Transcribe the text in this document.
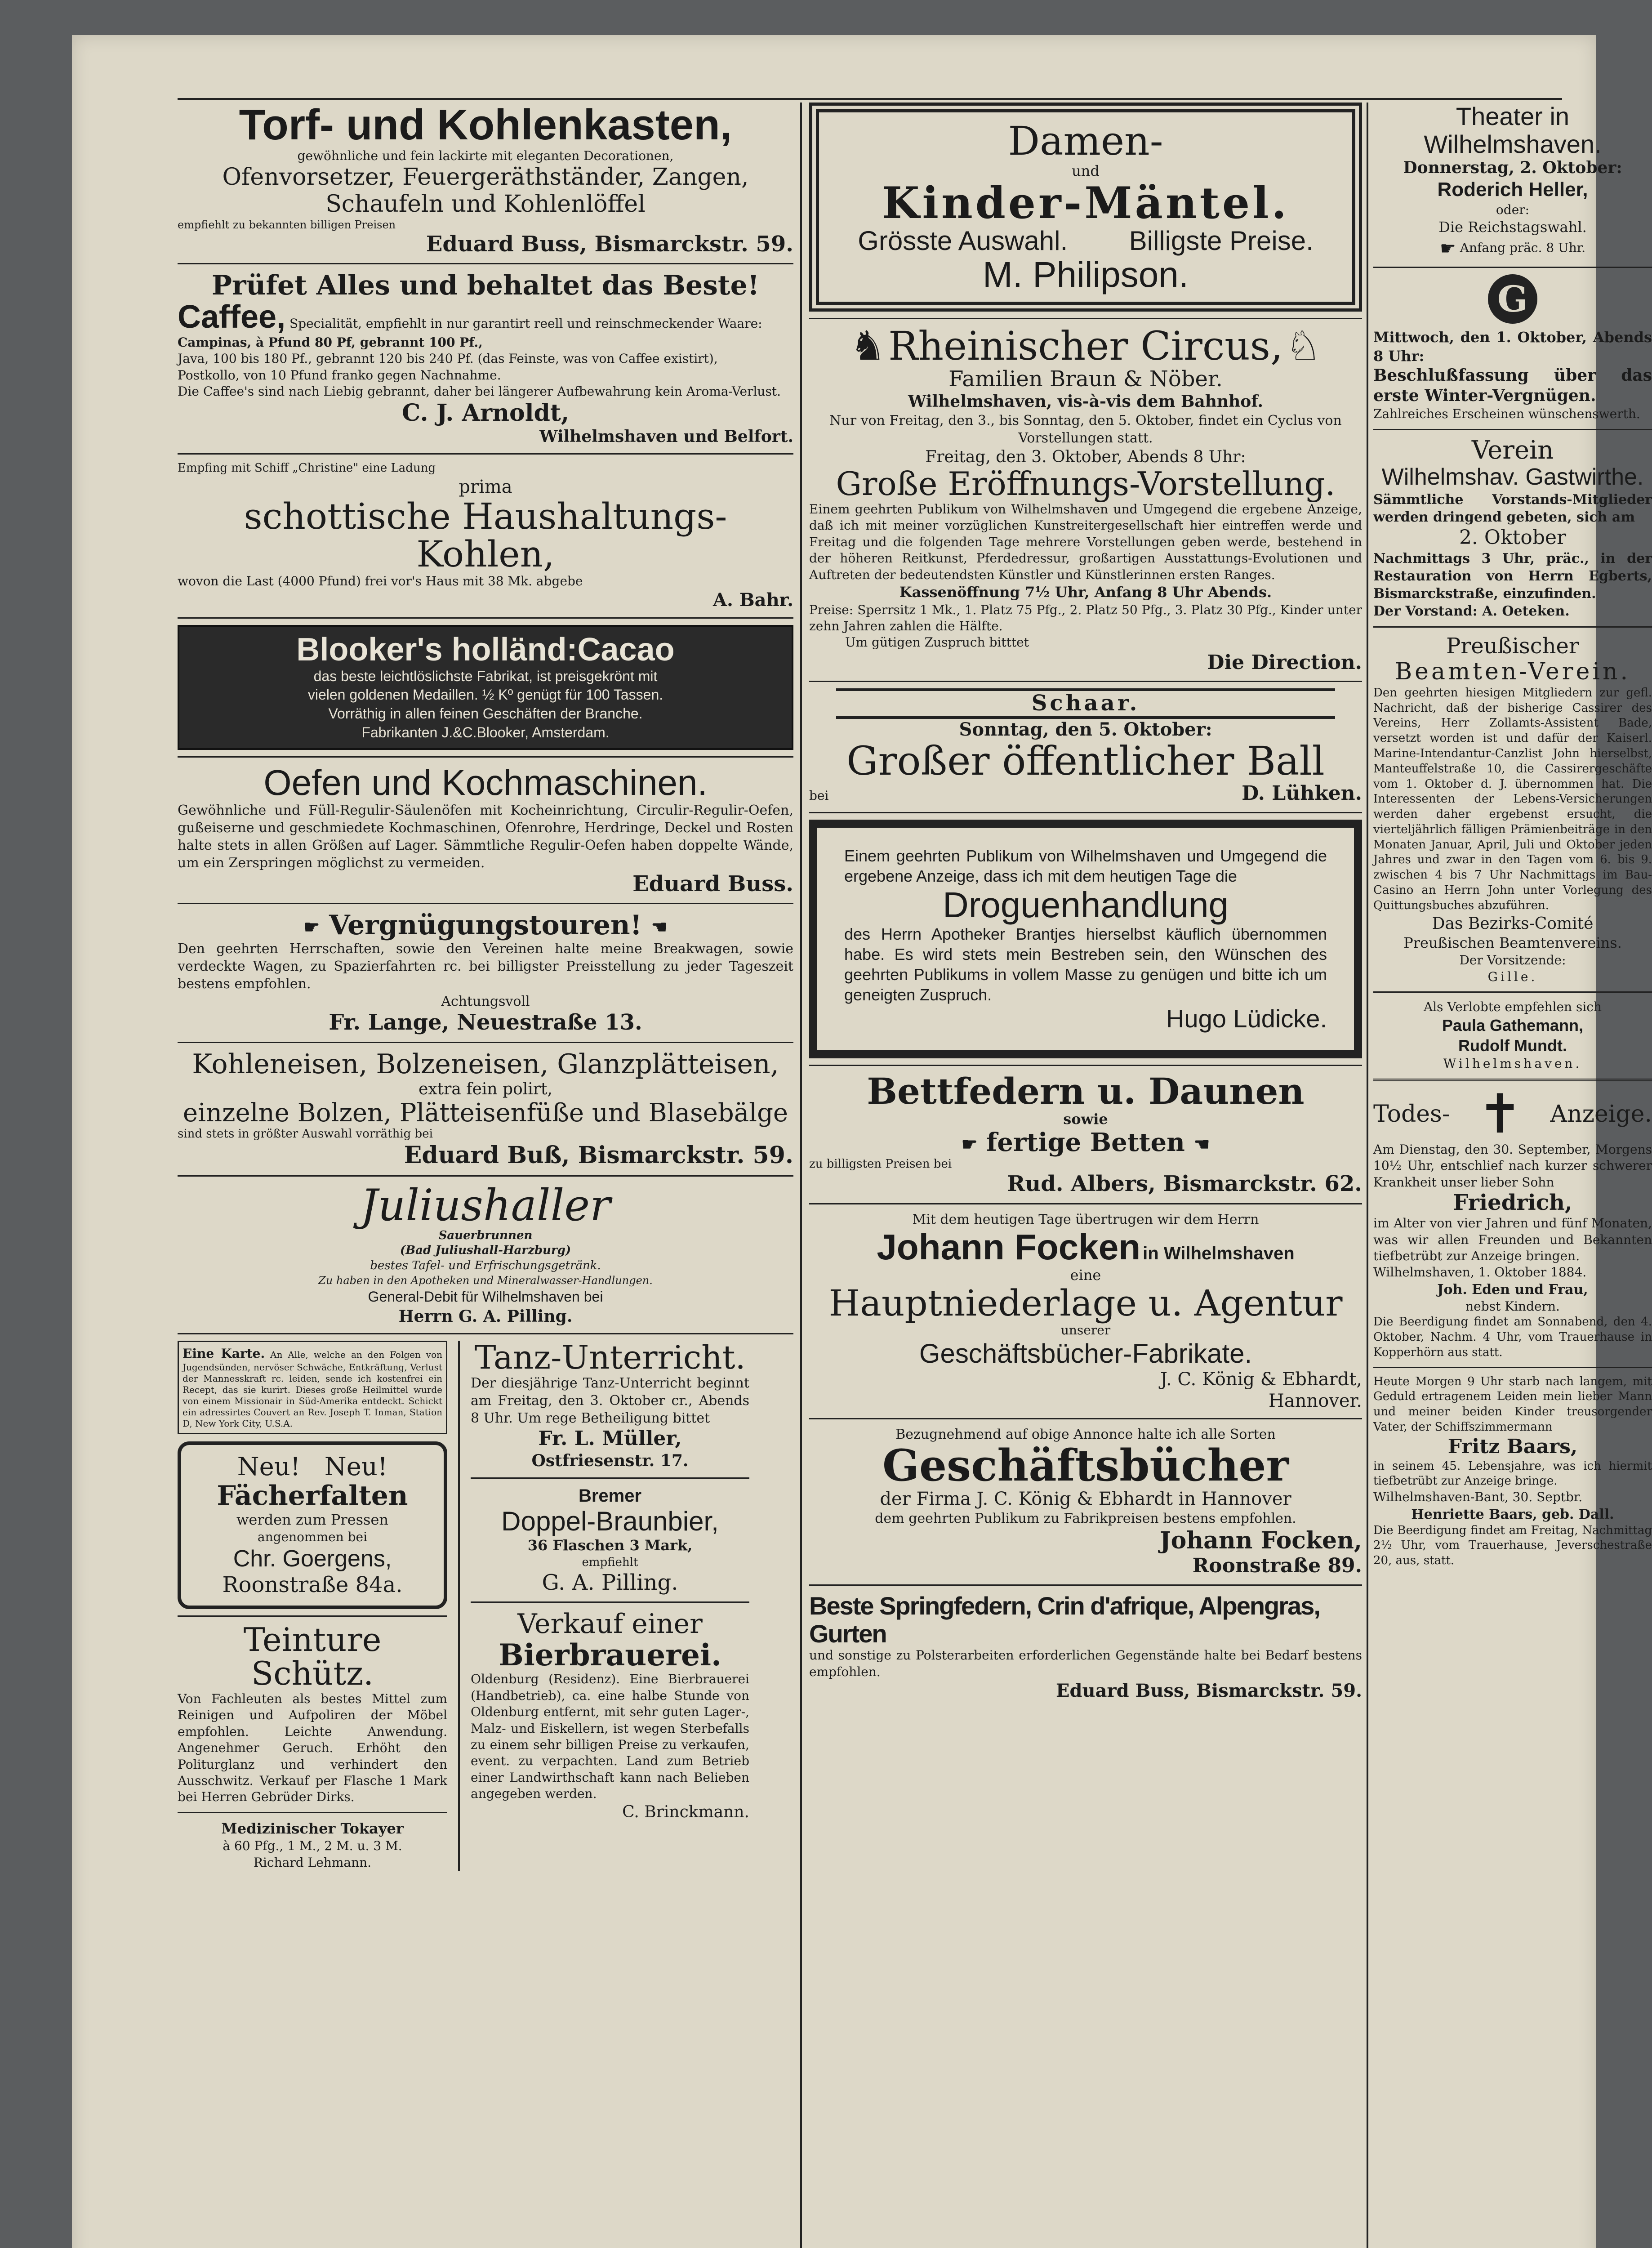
Torf- und Kohlenkasten,

gewöhnliche und fein lackirte mit eleganten Decorationen,

Ofenvorsetzer, Feuergeräthständer, Zangen,

Schaufeln und Kohlenlöffel

empfiehlt zu bekannten billigen Preisen

Eduard Buss, Bismarckstr. 59.

Prüfet Alles und behaltet das Beste!

Caffee, Specialität, empfiehlt in nur garantirt reell und reinschmeckender Waare:

Campinas, à Pfund 80 Pf, gebrannt 100 Pf.,

Java, 100 bis 180 Pf., gebrannt 120 bis 240 Pf. (das Feinste, was von Caffee existirt),

Postkollo, von 10 Pfund franko gegen Nachnahme.

Die Caffee's sind nach Liebig gebrannt, daher bei längerer Aufbewahrung kein Aroma-Verlust.

C. J. Arnoldt,

Wilhelmshaven und Belfort.

Empfing mit Schiff „Christine" eine Ladung

prima

schottische Haushaltungs-Kohlen,

wovon die Last (4000 Pfund) frei vor's Haus mit 38 Mk. abgebe

A. Bahr.

Blooker's holländ:Cacao

das beste leichtlöslichste Fabrikat, ist preisgekrönt mit

vielen goldenen Medaillen. ½ Kº genügt für 100 Tassen.

Vorräthig in allen feinen Geschäften der Branche.

Fabrikanten J.&C.Blooker, Amsterdam.

Oefen und Kochmaschinen.

Gewöhnliche und Füll-Regulir-Säulenöfen mit Kocheinrichtung, Circulir-Regulir-Oefen, gußeiserne und geschmiedete Kochmaschinen, Ofenrohre, Herdringe, Deckel und Rosten halte stets in allen Größen auf Lager. Sämmtliche Regulir-Oefen haben doppelte Wände, um ein Zerspringen möglichst zu vermeiden.

Eduard Buss.

☛ Vergnügungstouren! ☚

Den geehrten Herrschaften, sowie den Vereinen halte meine Breakwagen, sowie verdeckte Wagen, zu Spazierfahrten rc. bei billigster Preisstellung zu jeder Tageszeit bestens empfohlen.

Achtungsvoll

Fr. Lange, Neuestraße 13.

Kohleneisen, Bolzeneisen, Glanzplätteisen,

extra fein polirt,

einzelne Bolzen, Plätteisenfüße und Blasebälge

sind stets in größter Auswahl vorräthig bei

Eduard Buß, Bismarckstr. 59.

Juliushaller

Sauerbrunnen

(Bad Juliushall-Harzburg)

bestes Tafel- und Erfrischungsgetränk.

Zu haben in den Apotheken und Mineralwasser-Handlungen.

General-Debit für Wilhelmshaven bei

Herrn G. A. Pilling.

Eine Karte. An Alle, welche an den Folgen von Jugendsünden, nervöser Schwäche, Entkräftung, Verlust der Mannesskraft rc. leiden, sende ich kostenfrei ein Recept, das sie kurirt. Dieses große Heilmittel wurde von einem Missionair in Süd-Amerika entdeckt. Schickt ein adressirtes Couvert an Rev. Joseph T. Inman, Station D, New York City, U.S.A.

Neu! Neu!

Fächerfalten

werden zum Pressen

angenommen bei

Chr. Goergens,

Roonstraße 84a.

Teinture Schütz.

Von Fachleuten als bestes Mittel zum Reinigen und Aufpoliren der Möbel empfohlen. Leichte Anwendung. Angenehmer Geruch. Erhöht den Politurglanz und verhindert den Ausschwitz. Verkauf per Flasche 1 Mark bei Herren Gebrüder Dirks.

Medizinischer Tokayer

à 60 Pfg., 1 M., 2 M. u. 3 M.

Richard Lehmann.

Tanz-Unterricht.

Der diesjährige Tanz-Unterricht beginnt am Freitag, den 3. Oktober cr., Abends 8 Uhr. Um rege Betheiligung bittet

Fr. L. Müller,

Ostfriesenstr. 17.

Bremer

Doppel-Braunbier,

36 Flaschen 3 Mark,

empfiehlt

G. A. Pilling.

Verkauf einer

Bierbrauerei.

Oldenburg (Residenz). Eine Bierbrauerei (Handbetrieb), ca. eine halbe Stunde von Oldenburg entfernt, mit sehr guten Lager-, Malz- und Eiskellern, ist wegen Sterbefalls zu einem sehr billigen Preise zu verkaufen, event. zu verpachten. Land zum Betrieb einer Landwirthschaft kann nach Belieben angegeben werden.

C. Brinckmann.

Damen-

und

Kinder-Mäntel.

Grösste Auswahl. Billigste Preise.

M. Philipson.

♞ Rheinischer Circus, ♘

Familien Braun & Nöber.

Wilhelmshaven, vis-à-vis dem Bahnhof.

Nur von Freitag, den 3., bis Sonntag, den 5. Oktober, findet ein Cyclus von Vorstellungen statt.

Freitag, den 3. Oktober, Abends 8 Uhr:

Große Eröffnungs-Vorstellung.

Einem geehrten Publikum von Wilhelmshaven und Umgegend die ergebene Anzeige, daß ich mit meiner vorzüglichen Kunstreitergesellschaft hier eintreffen werde und Freitag und die folgenden Tage mehrere Vorstellungen geben werde, bestehend in der höheren Reitkunst, Pferdedressur, großartigen Ausstattungs-Evolutionen und Auftreten der bedeutendsten Künstler und Künstlerinnen ersten Ranges.

Kassenöffnung 7½ Uhr, Anfang 8 Uhr Abends.

Preise: Sperrsitz 1 Mk., 1. Platz 75 Pfg., 2. Platz 50 Pfg., 3. Platz 30 Pfg., Kinder unter zehn Jahren zahlen die Hälfte.

Um gütigen Zuspruch bitttet

Die Direction.

Schaar.

Sonntag, den 5. Oktober:

Großer öffentlicher Ball

bei	D. Lühken.

Einem geehrten Publikum von Wilhelmshaven und Umgegend die ergebene Anzeige, dass ich mit dem heutigen Tage die

Droguenhandlung

des Herrn Apotheker Brantjes hierselbst käuflich übernommen habe. Es wird stets mein Bestreben sein, den Wünschen des geehrten Publikums in vollem Masse zu genügen und bitte ich um geneigten Zuspruch.

Hugo Lüdicke.

Bettfedern u. Daunen

sowie

☛ fertige Betten ☚

zu billigsten Preisen bei

Rud. Albers, Bismarckstr. 62.

Mit dem heutigen Tage übertrugen wir dem Herrn

Johann Focken in Wilhelmshaven

eine

Hauptniederlage u. Agentur

unserer

Geschäftsbücher-Fabrikate.

J. C. König & Ebhardt,

Hannover.

Bezugnehmend auf obige Annonce halte ich alle Sorten

Geschäftsbücher

der Firma J. C. König & Ebhardt in Hannover

dem geehrten Publikum zu Fabrikpreisen bestens empfohlen.

Johann Focken,

Roonstraße 89.

Beste Springfedern, Crin d'afrique, Alpengras, Gurten

und sonstige zu Polsterarbeiten erforderlichen Gegenstände halte bei Bedarf bestens empfohlen.

Eduard Buss, Bismarckstr. 59.

Theater in Wilhelmshaven.

Donnerstag, 2. Oktober:

Roderich Heller,

oder:

Die Reichstagswahl.

☛ Anfang präc. 8 Uhr.

G

Mittwoch, den 1. Oktober, Abends 8 Uhr:

Beschlußfassung über das erste Winter-Vergnügen.

Zahlreiches Erscheinen wünschenswerth.

Verein

Wilhelmshav. Gastwirthe.

Sämmtliche Vorstands-Mitglieder werden dringend gebeten, sich am

2. Oktober

Nachmittags 3 Uhr, präc., in der Restauration von Herrn Egberts, Bismarckstraße, einzufinden.

Der Vorstand: A. Oeteken.

Preußischer

Beamten-Verein.

Den geehrten hiesigen Mitgliedern zur gefl. Nachricht, daß der bisherige Cassirer des Vereins, Herr Zollamts-Assistent Bade, versetzt worden ist und dafür der Kaiserl. Marine-Intendantur-Canzlist John hierselbst, Manteuffelstraße 10, die Cassirergeschäfte vom 1. Oktober d. J. übernommen hat. Die Interessenten der Lebens-Versicherungen werden daher ergebenst ersucht, die vierteljährlich fälligen Prämienbeiträge in den Monaten Januar, April, Juli und Oktober jeden Jahres und zwar in den Tagen vom 6. bis 9. zwischen 4 bis 7 Uhr Nachmittags im Bau-Casino an Herrn John unter Vorlegung des Quittungsbuches abzuführen.

Das Bezirks-Comité

Preußischen Beamtenvereins.

Der Vorsitzende:

Gille.

Als Verlobte empfehlen sich

Paula Gathemann,

Rudolf Mundt.

Wilhelmshaven.

Todes- ✝ Anzeige.

Am Dienstag, den 30. September, Morgens 10½ Uhr, entschlief nach kurzer schwerer Krankheit unser lieber Sohn

Friedrich,

im Alter von vier Jahren und fünf Monaten, was wir allen Freunden und Bekannten tiefbetrübt zur Anzeige bringen.

Wilhelmshaven, 1. Oktober 1884.

Joh. Eden und Frau,

nebst Kindern.

Die Beerdigung findet am Sonnabend, den 4. Oktober, Nachm. 4 Uhr, vom Trauerhause in Kopperhörn aus statt.

Heute Morgen 9 Uhr starb nach langem, mit Geduld ertragenem Leiden mein lieber Mann und meiner beiden Kinder treusorgender Vater, der Schiffszimmermann

Fritz Baars,

in seinem 45. Lebensjahre, was ich hiermit tiefbetrübt zur Anzeige bringe.

Wilhelmshaven-Bant, 30. Septbr.

Henriette Baars, geb. Dall.

Die Beerdigung findet am Freitag, Nachmittag 2½ Uhr, vom Trauerhause, Jeverschestraße 20, aus, statt.
